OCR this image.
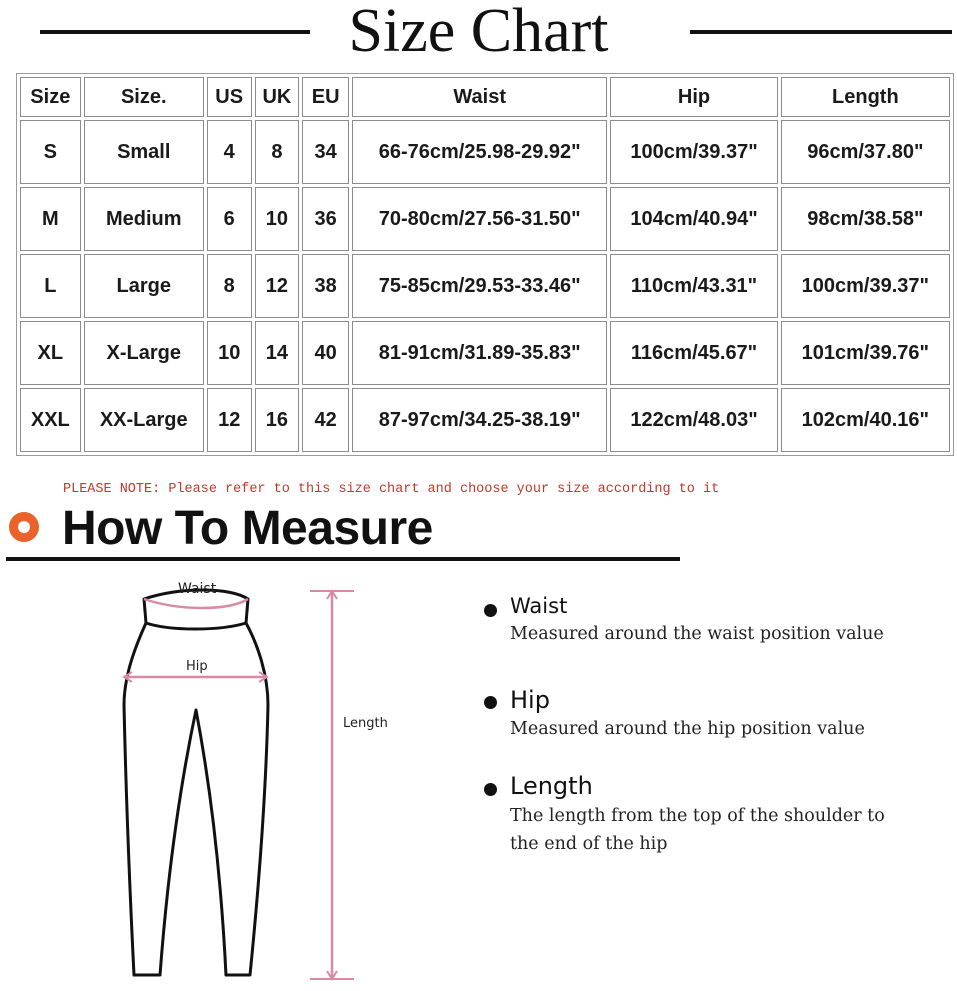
Size Chart
Size	Size.	US	UK	EU	Waist	Hip	Length
S	Small	4	8	34	66-76cm/25.98-29.92"	100cm/39.37"	96cm/37.80"
M	Medium	6	10	36	70-80cm/27.56-31.50"	104cm/40.94"	98cm/38.58"
L	Large	8	12	38	75-85cm/29.53-33.46"	110cm/43.31"	100cm/39.37"
XL	X-Large	10	14	40	81-91cm/31.89-35.83"	116cm/45.67"	101cm/39.76"
XXL	XX-Large	12	16	42	87-97cm/34.25-38.19"	122cm/48.03"	102cm/40.16"
PLEASE NOTE: Please refer to this size chart and choose your size according to it
How To Measure
Waist
Hip
Length
Waist
Measured around the waist position value
Hip
Measured around the hip position value
Length
The length from the top of the shoulder to the end of the hip
